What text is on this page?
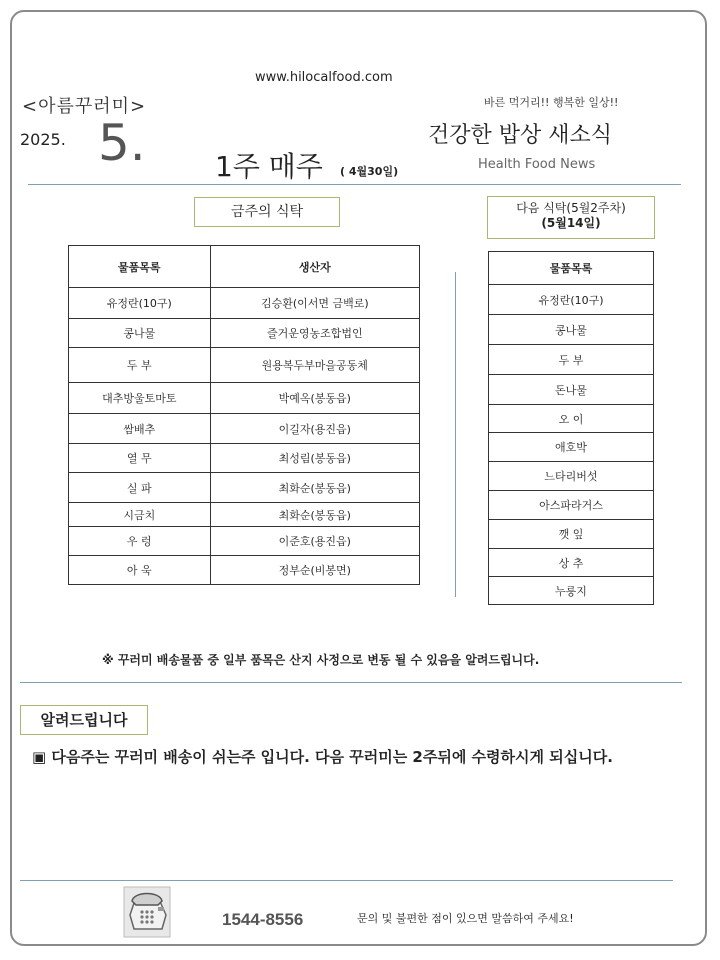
www.hilocalfood.com
<아름꾸러미>	바른 먹거리!! 행복한 일상!!
2025. 5. 1주 매주 ( 4월30일)
건강한 밥상 새소식
Health Food News
금주의 식탁	다음 식탁(5월2주차)
(5월14일)
물품목록	생산자
유정란(10구)	김승환(이서면 금백로)
콩나물	즐거운영농조합법인
두 부	원용복두부마을공동체
대추방울토마토	박예옥(봉동읍)
쌈배추	이길자(용진읍)
열 무	최성림(봉동읍)
실 파	최화순(봉동읍)
시금치	최화순(봉동읍)
우 렁	이준호(용진읍)
아 욱	정부순(비봉면)
물품목록
유정란(10구)
콩나물
두 부
돈나물
오 이
애호박
느타리버섯
아스파라거스
깻 잎
상 추
누룽지
※ 꾸러미 배송물품 중 일부 품목은 산지 사정으로 변동 될 수 있음을 알려드립니다.
알려드립니다
▣ 다음주는 꾸러미 배송이 쉬는주 입니다. 다음 꾸러미는 2주뒤에 수령하시게 되십니다.
1544-8556	문의 및 불편한 점이 있으면 말씀하여 주세요!
